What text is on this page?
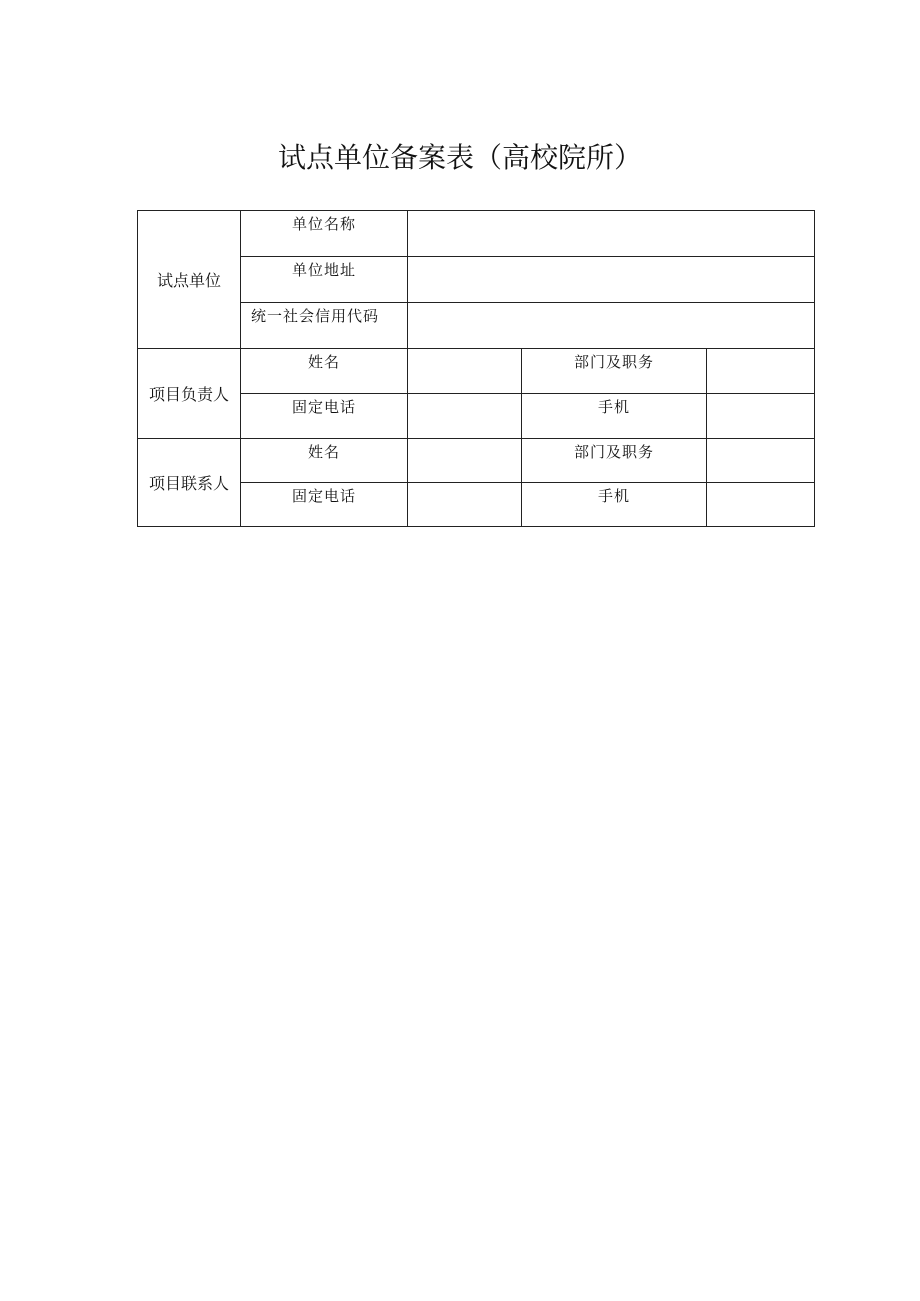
试点单位备案表（高校院所）
试点单位	单位名称			
	单位地址			
	统一社会信用代码			
项目负责人	姓名		部门及职务	
	固定电话		手机	
项目联系人	姓名		部门及职务	
	固定电话		手机	
